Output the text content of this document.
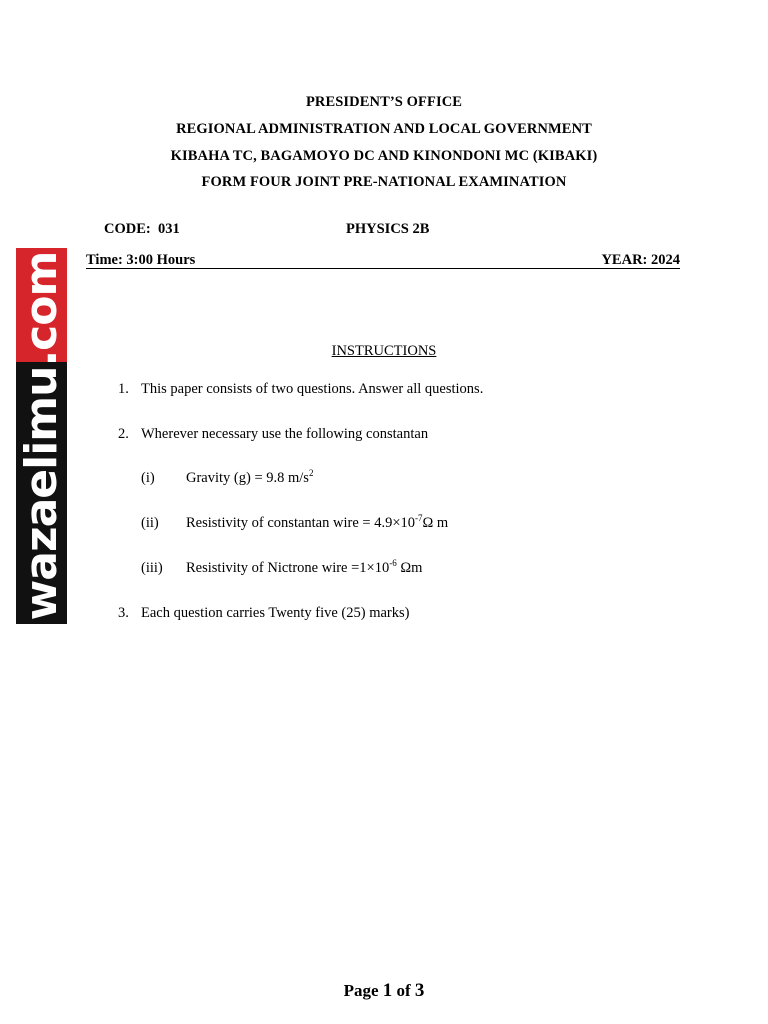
PRESIDENT’S OFFICE
REGIONAL ADMINISTRATION AND LOCAL GOVERNMENT
KIBAHA TC, BAGAMOYO DC AND KINONDONI MC (KIBAKI)
FORM FOUR JOINT PRE-NATIONAL EXAMINATION
CODE:  031	PHYSICS 2B
Time: 3:00 Hours	YEAR: 2024
wazaelimu.com	INSTRUCTIONS
1. This paper consists of two questions. Answer all questions.
2. Wherever necessary use the following constantan
(i) Gravity (g) = 9.8 $m/s^2$
(ii) Resistivity of constantan wire = $4.9\times 10^{-7}\Omega$ m
(iii) Resistivity of Nictrone wire $=1\times 10^{-6}$ Ωm
3. Each question carries Twenty five (25) marks)
Page 1 of 3
